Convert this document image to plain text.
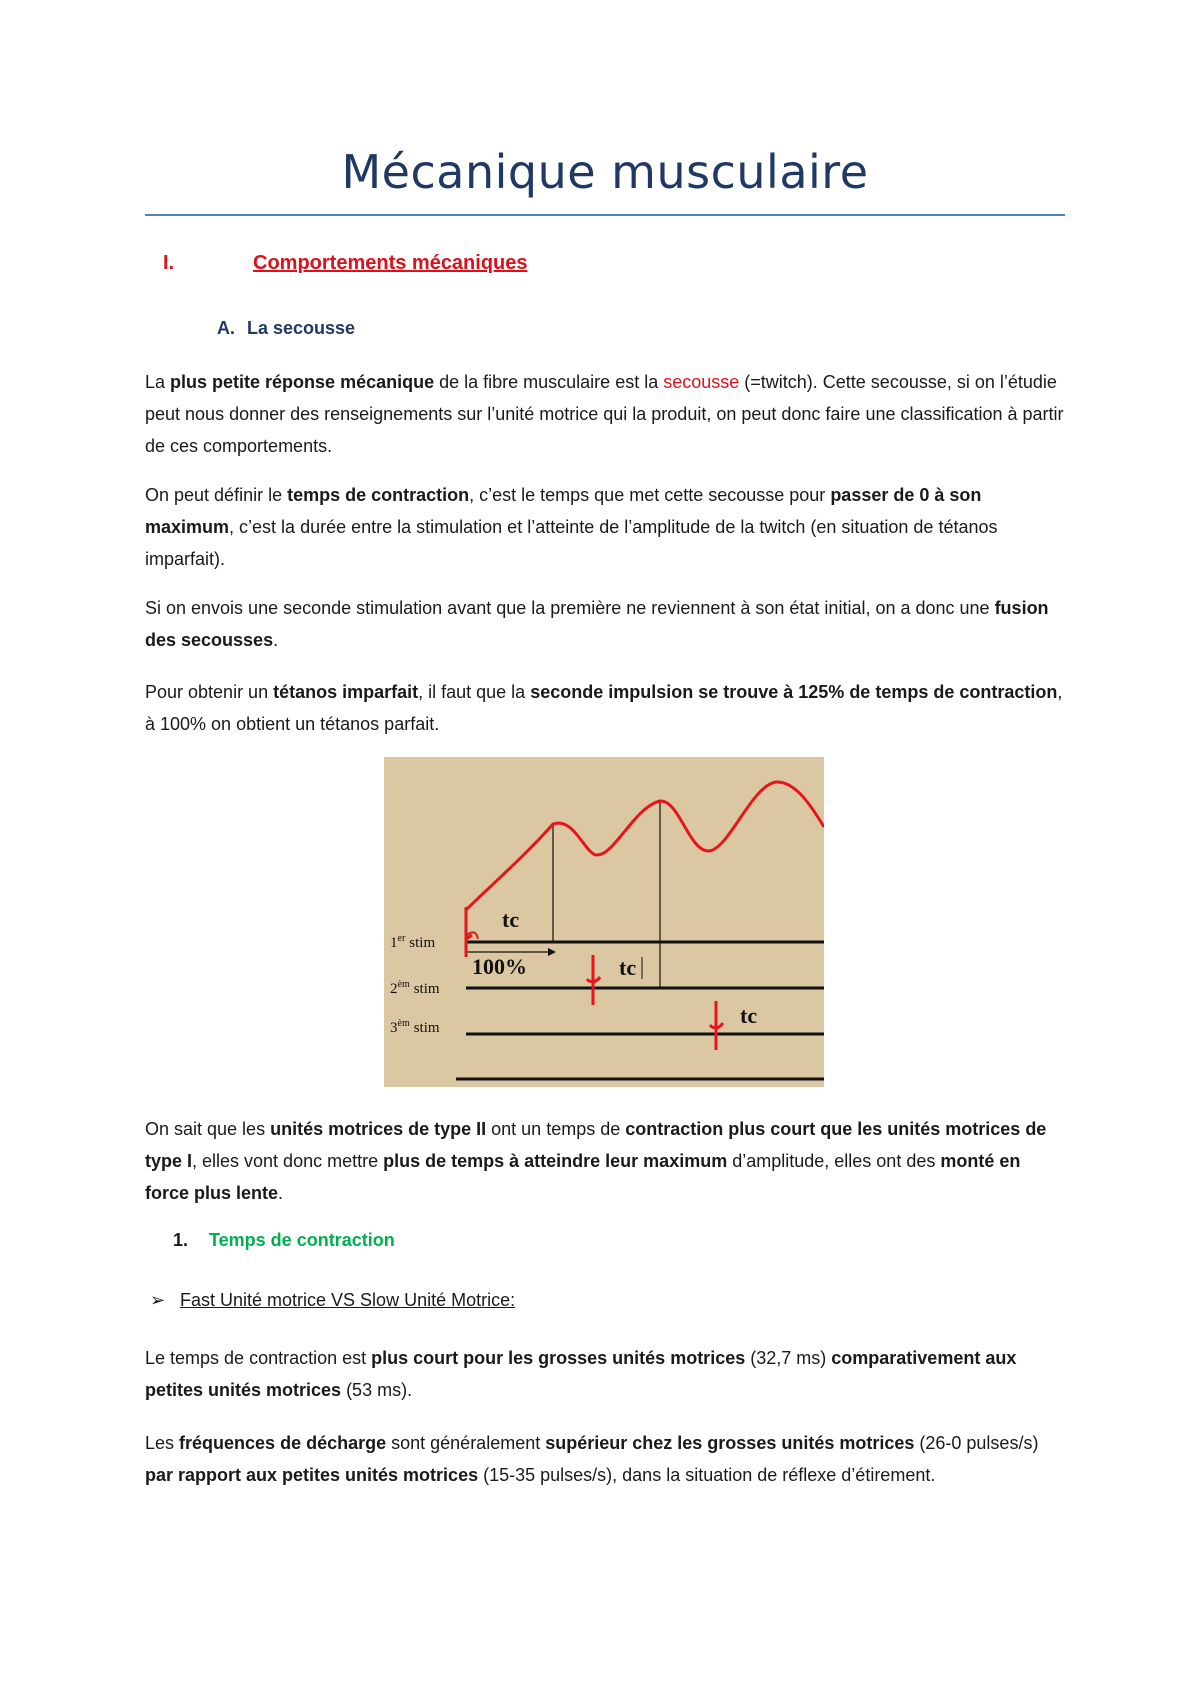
Mécanique musculaire
I.	Comportements mécaniques
A. La secousse
La plus petite réponse mécanique de la fibre musculaire est la secousse (=twitch). Cette secousse, si on l’étudie peut nous donner des renseignements sur l’unité motrice qui la produit, on peut donc faire une classification à partir de ces comportements.
On peut définir le temps de contraction, c’est le temps que met cette secousse pour passer de 0 à son maximum, c’est la durée entre la stimulation et l’atteinte de l’amplitude de la twitch (en situation de tétanos imparfait).
Si on envois une seconde stimulation avant que la première ne reviennent à son état initial, on a donc une fusion des secousses.
Pour obtenir un tétanos imparfait, il faut que la seconde impulsion se trouve à 125% de temps de contraction, à 100% on obtient un tétanos parfait.
tc
tc
tc
100%
1er stim
$2^{èm}$ stim
$3^{èm}$ stim
On sait que les unités motrices de type II ont un temps de contraction plus court que les unités motrices de type I, elles vont donc mettre plus de temps à atteindre leur maximum d’amplitude, elles ont des monté en force plus lente.
1. Temps de contraction
➢ Fast Unité motrice VS Slow Unité Motrice:
Le temps de contraction est plus court pour les grosses unités motrices (32,7 ms) comparativement aux petites unités motrices (53 ms).
Les fréquences de décharge sont généralement supérieur chez les grosses unités motrices (26-0 pulses/s) par rapport aux petites unités motrices (15-35 pulses/s), dans la situation de réflexe d’étirement.
